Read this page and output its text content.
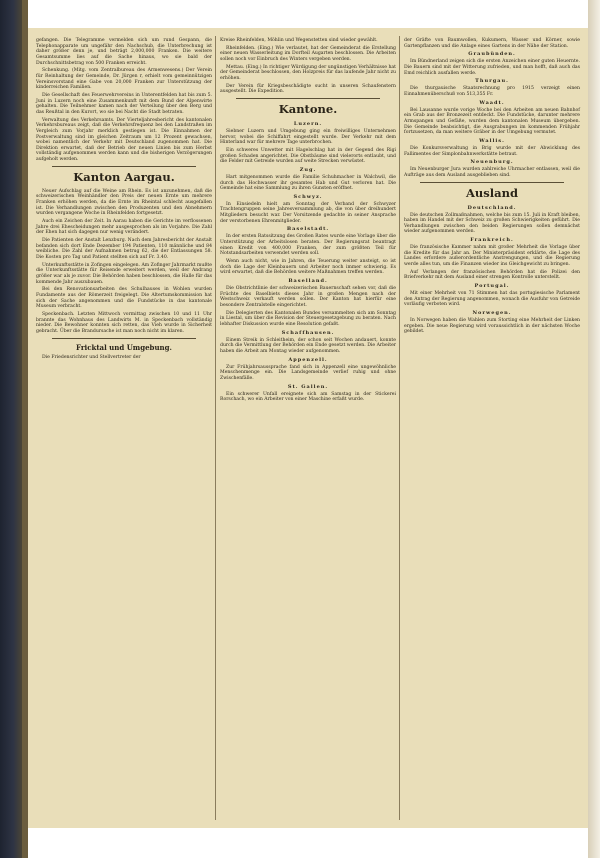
gefangen. Die Telegramme vermelden sich um rund Gespann, die Telephonapparate um ungefähr den Nachschub, die Unterbrechung ist daher größer denn je, und beträgt 2,000,000 Franken. Die weitere Gesamtsumme lies auf die Sache hinaus, wo sie bald der Durchschnittsbetrag von 500 Franken erreicht.

Schenkung. (Mitg. vom Zentralbureau des Armenwesens.) Der Verein für Reinhaltung der Gemeinde, Dr. Jürgen r, erhielt vom gemeinnützigen Vereinsvorstand eine Gabe von 20,000 Franken zur Unterstützung der kinderreichen Familien.

Die Gesellschaft des Feuerwehrvereins in Unterentfelden hat bis zum 5. Juni in Luzern noch eine Zusammenkunft mit dem Bund der Alpenwirte gehalten. Die Teilnehmer kamen nach der Verteilung über den Berg und das Reußtal in den Kurort, wo sie bei Nacht die Stadt betraten.

Verwaltung des Verkehrsamts. Der Vierteljahresbericht des kantonalen Verkehrsbureaus zeigt, daß die Verkehrsfrequenz bei den Landstraßen im Vergleich zum Vorjahr merklich gestiegen ist. Die Einnahmen der Postverwaltung sind im gleichen Zeitraum um 12 Prozent gewachsen, wobei namentlich der Verkehr mit Deutschland zugenommen hat. Die Direktion erwartet, daß der Betrieb der neuen Linien bis zum Herbst vollständig aufgenommen werden kann und die bisherigen Verzögerungen aufgeholt werden.

Kanton Aargau.

Neuer Aufschlag auf die Weine am Rhein. Es ist anzunehmen, daß die schweizerischen Weinhändler den Preis der neuen Ernte um mehrere Franken erhöhen werden, da die Ernte im Rheintal schlecht ausgefallen ist. Die Verhandlungen zwischen den Produzenten und den Abnehmern wurden vergangene Woche in Rheinfelden fortgesetzt.

Auch ein Zeichen der Zeit. In Aarau haben die Gerichte im verflossenen Jahre drei Ehescheidungen mehr ausgesprochen als im Vorjahre. Die Zahl der Ehen hat sich dagegen nur wenig verändert.

Die Patienten der Anstalt Lenzburg. Nach dem Jahresbericht der Anstalt befanden sich dort Ende Dezember 194 Patienten, 110 männliche und 84 weibliche. Die Zahl der Aufnahmen betrug 62, die der Entlassungen 58. Die Kosten pro Tag und Patient stellten sich auf Fr. 3.40.

Unterkunftsstätte in Zofingen eingelegen. Am Zofinger Jahrmarkt mußte die Unterkunftsstätte für Reisende erweitert werden, weil der Andrang größer war als je zuvor. Die Behörden haben beschlossen, die Halle für das kommende Jahr auszubauen.

Bei den Renovationsarbeiten des Schulhauses in Wohlen wurden Fundamente aus der Römerzeit freigelegt. Die Altertumskommission hat sich der Sache angenommen und die Fundstücke in das kantonale Museum verbracht.

Speckenbach. Letzten Mittwoch vormittag zwischen 10 und 11 Uhr brannte das Wohnhaus des Landwirts M. in Speckenbach vollständig nieder. Die Bewohner konnten sich retten, das Vieh wurde in Sicherheit gebracht. Über die Brandursache ist man noch nicht im klaren.

Fricktal und Umgebung.

Die Friedensrichter und Stellvertreter der

Kreise Rheinfelden, Möhlin und Wegenstetten sind wieder gewählt.

Rheinfelden. (Eing.) Wie verlautet, hat der Gemeinderat die Erstellung einer neuen Wasserleitung im Dorfteil Augarten beschlossen. Die Arbeiten sollen noch vor Einbruch des Winters vergeben werden.

Mettau. (Eing.) In richtiger Würdigung der ungünstigen Verhältnisse hat der Gemeinderat beschlossen, den Holzpreis für das laufende Jahr nicht zu erhöhen.

Der Verein für Kriegsbeschädigte sucht in unseren Schaufenstern ausgestellt. Die Expedition.

Kantone.
Luzern.

Siebner Luzern und Umgebung ging ein freiwilliges Unternehmen hervor, wobei die Schiffahrt eingestellt wurde. Der Verkehr mit dem Hinterland war für mehrere Tage unterbrochen.

Ein schweres Unwetter mit Hagelschlag hat in der Gegend des Rigi großen Schaden angerichtet. Die Obstbäume sind vielerorts entlaubt, und die Felder mit Getreide wurden auf weite Strecken verwüstet.

Zug.

Hart mitgenommen wurde die Familie Schuhmacher in Walchwil, die durch das Hochwasser ihr gesamtes Hab und Gut verloren hat. Die Gemeinde hat eine Sammlung zu ihren Gunsten eröffnet.

Schwyz.

In Einsiedeln hielt am Sonntag der Verband der Schwyzer Trachtengruppen seine Jahresversammlung ab, die von über dreihundert Mitgliedern besucht war. Der Vorsitzende gedachte in seiner Ansprache der verstorbenen Ehrenmitglieder.

Baselstadt.

In der ersten Ratssitzung des Großen Rates wurde eine Vorlage über die Unterstützung der Arbeitslosen beraten. Der Regierungsrat beantragt einen Kredit von 400,000 Franken, der zum größten Teil für Notstandsarbeiten verwendet werden soll.

Wenn auch nicht, wie in Jahren, die Teuerung weiter ansteigt, so ist doch die Lage der Kleinbauern und Arbeiter noch immer schwierig. Es wird erwartet, daß die Behörden weitere Maßnahmen treffen werden.

Baselland.

Die Obstrichtlinie der schweizerischen Bauernschaft sehen vor, daß die Früchte des Baselbiets dieses Jahr in großen Mengen nach der Westschweiz verkauft werden sollen. Der Kanton hat hierfür eine besondere Zentralstelle eingerichtet.

Die Delegierten des Kantonalen Bundes versammelten sich am Sonntag in Liestal, um über die Revision der Steuergesetzgebung zu beraten. Nach lebhafter Diskussion wurde eine Resolution gefaßt.

Schaffhausen.

Einem Streik in Schleitheim, der schon seit Wochen andauert, konnte durch die Vermittlung der Behörden ein Ende gesetzt werden. Die Arbeiter haben die Arbeit am Montag wieder aufgenommen.

Appenzell.

Zur Frühjahrsaussprache fand sich in Appenzell eine ungewöhnliche Menschenmenge ein. Die Landsgemeinde verlief ruhig und ohne Zwischenfälle.

St. Gallen.

Ein schwerer Unfall ereignete sich am Samstag in der Stickerei Rorschach, wo ein Arbeiter von einer Maschine erfaßt wurde.

der Gräfte von Baumwollen, Kukumern, Wasser und Körner, sowie Gartenpflanzen und die Anlage eines Gartens in der Nähe der Station.

Graubünden.

Im Bündnerland zeigen sich die ersten Anzeichen einer guten Heuernte. Die Bauern sind mit der Witterung zufrieden, und man hofft, daß auch das Emd reichlich ausfallen werde.

Thurgau.

Die thurgauische Staatsrechnung pro 1915 verzeigt einen Einnahmenüberschuß von 513,355 Fr.

Waadt.

Bei Lausanne wurde vorige Woche bei den Arbeiten am neuen Bahnhof ein Grab aus der Bronzezeit entdeckt. Die Fundstücke, darunter mehrere Armspangen und Gefäße, wurden dem kantonalen Museum übergeben. Die Gemeinde beabsichtigt, die Ausgrabungen im kommenden Frühjahr fortzusetzen, da man weitere Gräber in der Umgebung vermutet.

Wallis.

Die Konkursverwaltung in Brig wurde mit der Abwicklung des Fallimentes der Simplonbahnwerkstätte betraut.

Neuenburg.

Im Neuenburger Jura wurden zahlreiche Uhrmacher entlassen, weil die Aufträge aus dem Ausland ausgeblieben sind.

Ausland
Deutschland.

Die deutschen Zollmaßnahmen, welche bis zum 15. Juli in Kraft bleiben, haben im Handel mit der Schweiz zu großen Schwierigkeiten geführt. Die Verhandlungen zwischen den beiden Regierungen sollen demnächst wieder aufgenommen werden.

Frankreich.

Die französische Kammer nahm mit großer Mehrheit die Vorlage über die Kredite für das Jahr an. Der Ministerpräsident erklärte, die Lage des Landes erfordere außerordentliche Anstrengungen, und die Regierung werde alles tun, um die Finanzen wieder ins Gleichgewicht zu bringen.

Auf Verlangen der französischen Behörden hat die Polizei den Briefverkehr mit dem Ausland einer strengen Kontrolle unterstellt.

Portugal.

Mit einer Mehrheit von 71 Stimmen hat das portugiesische Parlament den Antrag der Regierung angenommen, wonach die Ausfuhr von Getreide vorläufig verboten wird.

Norwegen.

In Norwegen haben die Wahlen zum Storting eine Mehrheit der Linken ergeben. Die neue Regierung wird voraussichtlich in der nächsten Woche gebildet.
